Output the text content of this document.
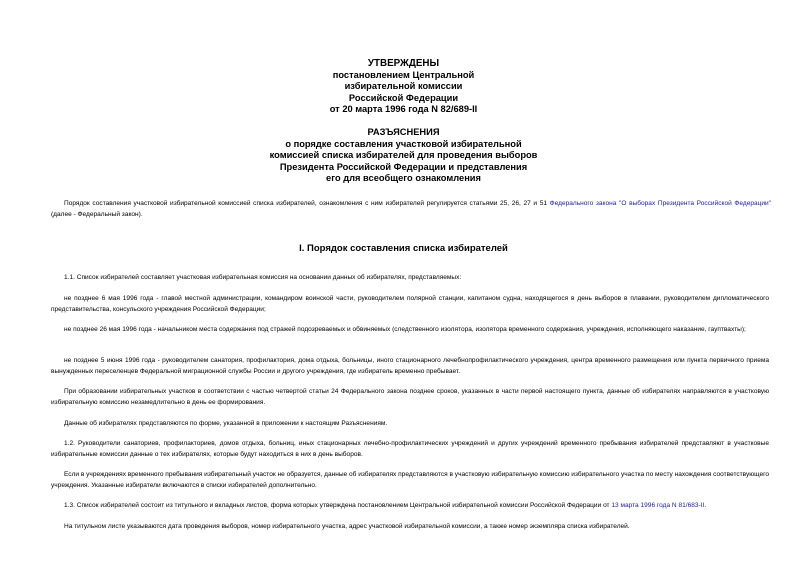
УТВЕРЖДЕНЫ
постановлением Центральной
избирательной комиссии
Российской Федерации
от 20 марта 1996 года N 82/689-II
РАЗЪЯСНЕНИЯ
о порядке составления участковой избирательной
комиссией списка избирателей для проведения выборов
Президента Российской Федерации и представления
его для всеобщего ознакомления

Порядок составления участковой избирательной комиссией списка избирателей, ознакомления с ним избирателей регулируется статьями 25, 26, 27 и 51 Федерального закона "О выборах Президента Российской Федерации" (далее - Федеральный закон).

I. Порядок составления списка избирателей

1.1. Список избирателей составляет участковая избирательная комиссия на основании данных об избирателях, представляемых:

не позднее 6 мая 1996 года - главой местной администрации, командиром воинской части, руководителем полярной станции, капитаном судна, находящегося в день выборов в плавании, руководителем дипломатического представительства, консульского учреждения Российской Федерации;

не позднее 26 мая 1996 года - начальником места содержания под стражей подозреваемых и обвиняемых (следственного изолятора, изолятора временного содержания, учреждения, исполняющего наказание, гауптвахты);

не позднее 5 июня 1996 года - руководителем санатория, профилактория, дома отдыха, больницы, иного стационарного лечебнопрофилактического учреждения, центра временного размещения или пункта первичного приема вынужденных переселенцев Федеральной миграционной службы России и другого учреждения, где избиратель временно пребывает.

При образовании избирательных участков в соответствии с частью четвертой статьи 24 Федерального закона позднее сроков, указанных в части первой настоящего пункта, данные об избирателях направляются в участковую избирательную комиссию незамедлительно в день ее формирования.

Данные об избирателях представляются по форме, указанной в приложении к настоящим Разъяснениям.

1.2. Руководители санаториев, профилакториев, домов отдыха, больниц, иных стационарных лечебно-профилактических учреждений и других учреждений временного пребывания избирателей представляют в участковые избирательные комиссии данные о тех избирателях, которые будут находиться в них в день выборов.

Если в учреждениях временного пребывания избирательный участок не образуется, данные об избирателях представляются в участковую избирательную комиссию избирательного участка по месту нахождения соответствующего учреждения. Указанные избиратели включаются в списки избирателей дополнительно.

1.3. Список избирателей состоит из титульного и вкладных листов, форма которых утверждена постановлением Центральной избирательной комиссии Российской Федерации от 13 марта 1996 года N 81/683-II.

На титульном листе указываются дата проведения выборов, номер избирательного участка, адрес участковой избирательной комиссии, а также номер экземпляра списка избирателей.
